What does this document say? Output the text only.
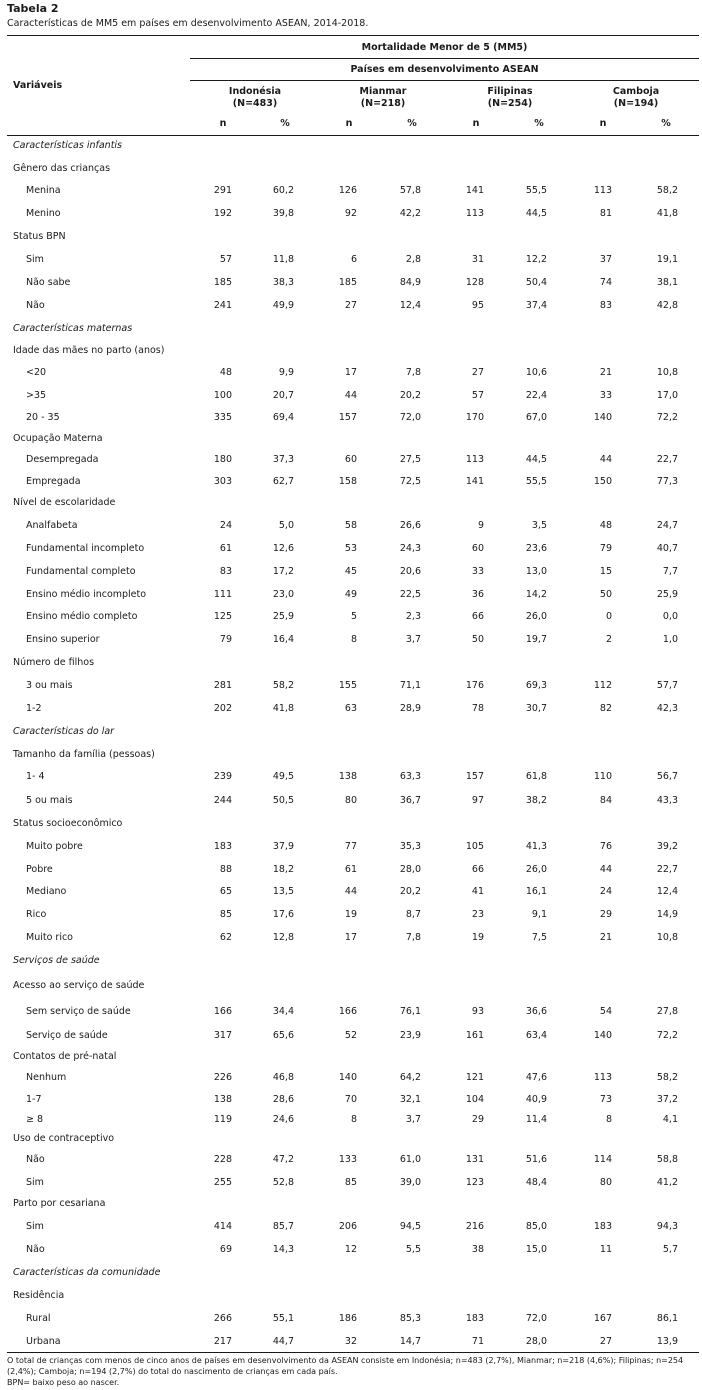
Tabela 2
Características de MM5 em países em desenvolvimento ASEAN, 2014-2018.
Variáveis
Mortalidade Menor de 5 (MM5)
Países em desenvolvimento ASEAN
Indonésia
(N=483)
Mianmar
(N=218)
Filipinas
(N=254)
Camboja
(N=194)
n	%	n	%	n	%	n	%
Características infantis
Gênero das crianças
Menina	291	60,2	126	57,8	141	55,5	113	58,2
Menino	192	39,8	92	42,2	113	44,5	81	41,8
Status BPN
Sim	57	11,8	6	2,8	31	12,2	37	19,1
Não sabe	185	38,3	185	84,9	128	50,4	74	38,1
Não	241	49,9	27	12,4	95	37,4	83	42,8
Características maternas
Idade das mães no parto (anos)
<20	48	9,9	17	7,8	27	10,6	21	10,8
>35	100	20,7	44	20,2	57	22,4	33	17,0
20 - 35	335	69,4	157	72,0	170	67,0	140	72,2
Ocupação Materna
Desempregada	180	37,3	60	27,5	113	44,5	44	22,7
Empregada	303	62,7	158	72,5	141	55,5	150	77,3
Nível de escolaridade
Analfabeta	24	5,0	58	26,6	9	3,5	48	24,7
Fundamental incompleto	61	12,6	53	24,3	60	23,6	79	40,7
Fundamental completo	83	17,2	45	20,6	33	13,0	15	7,7
Ensino médio incompleto	111	23,0	49	22,5	36	14,2	50	25,9
Ensino médio completo	125	25,9	5	2,3	66	26,0	0	0,0
Ensino superior	79	16,4	8	3,7	50	19,7	2	1,0
Número de filhos
3 ou mais	281	58,2	155	71,1	176	69,3	112	57,7
1-2	202	41,8	63	28,9	78	30,7	82	42,3
Características do lar
Tamanho da família (pessoas)
1- 4	239	49,5	138	63,3	157	61,8	110	56,7
5 ou mais	244	50,5	80	36,7	97	38,2	84	43,3
Status socioeconômico
Muito pobre	183	37,9	77	35,3	105	41,3	76	39,2
Pobre	88	18,2	61	28,0	66	26,0	44	22,7
Mediano	65	13,5	44	20,2	41	16,1	24	12,4
Rico	85	17,6	19	8,7	23	9,1	29	14,9
Muito rico	62	12,8	17	7,8	19	7,5	21	10,8
Serviços de saúde
Acesso ao serviço de saúde
Sem serviço de saúde	166	34,4	166	76,1	93	36,6	54	27,8
Serviço de saúde	317	65,6	52	23,9	161	63,4	140	72,2
Contatos de pré-natal
Nenhum	226	46,8	140	64,2	121	47,6	113	58,2
1-7	138	28,6	70	32,1	104	40,9	73	37,2
≥ 8	119	24,6	8	3,7	29	11,4	8	4,1
Uso de contraceptivo
Não	228	47,2	133	61,0	131	51,6	114	58,8
Sim	255	52,8	85	39,0	123	48,4	80	41,2
Parto por cesariana
Sim	414	85,7	206	94,5	216	85,0	183	94,3
Não	69	14,3	12	5,5	38	15,0	11	5,7
Características da comunidade
Residência
Rural	266	55,1	186	85,3	183	72,0	167	86,1
Urbana	217	44,7	32	14,7	71	28,0	27	13,9
O total de crianças com menos de cinco anos de países em desenvolvimento da ASEAN consiste em Indonésia; n=483 (2,7%), Mianmar; n=218 (4,6%); Filipinas; n=254
(2,4%); Camboja; n=194 (2,7%) do total do nascimento de crianças em cada país.
BPN= baixo peso ao nascer.
